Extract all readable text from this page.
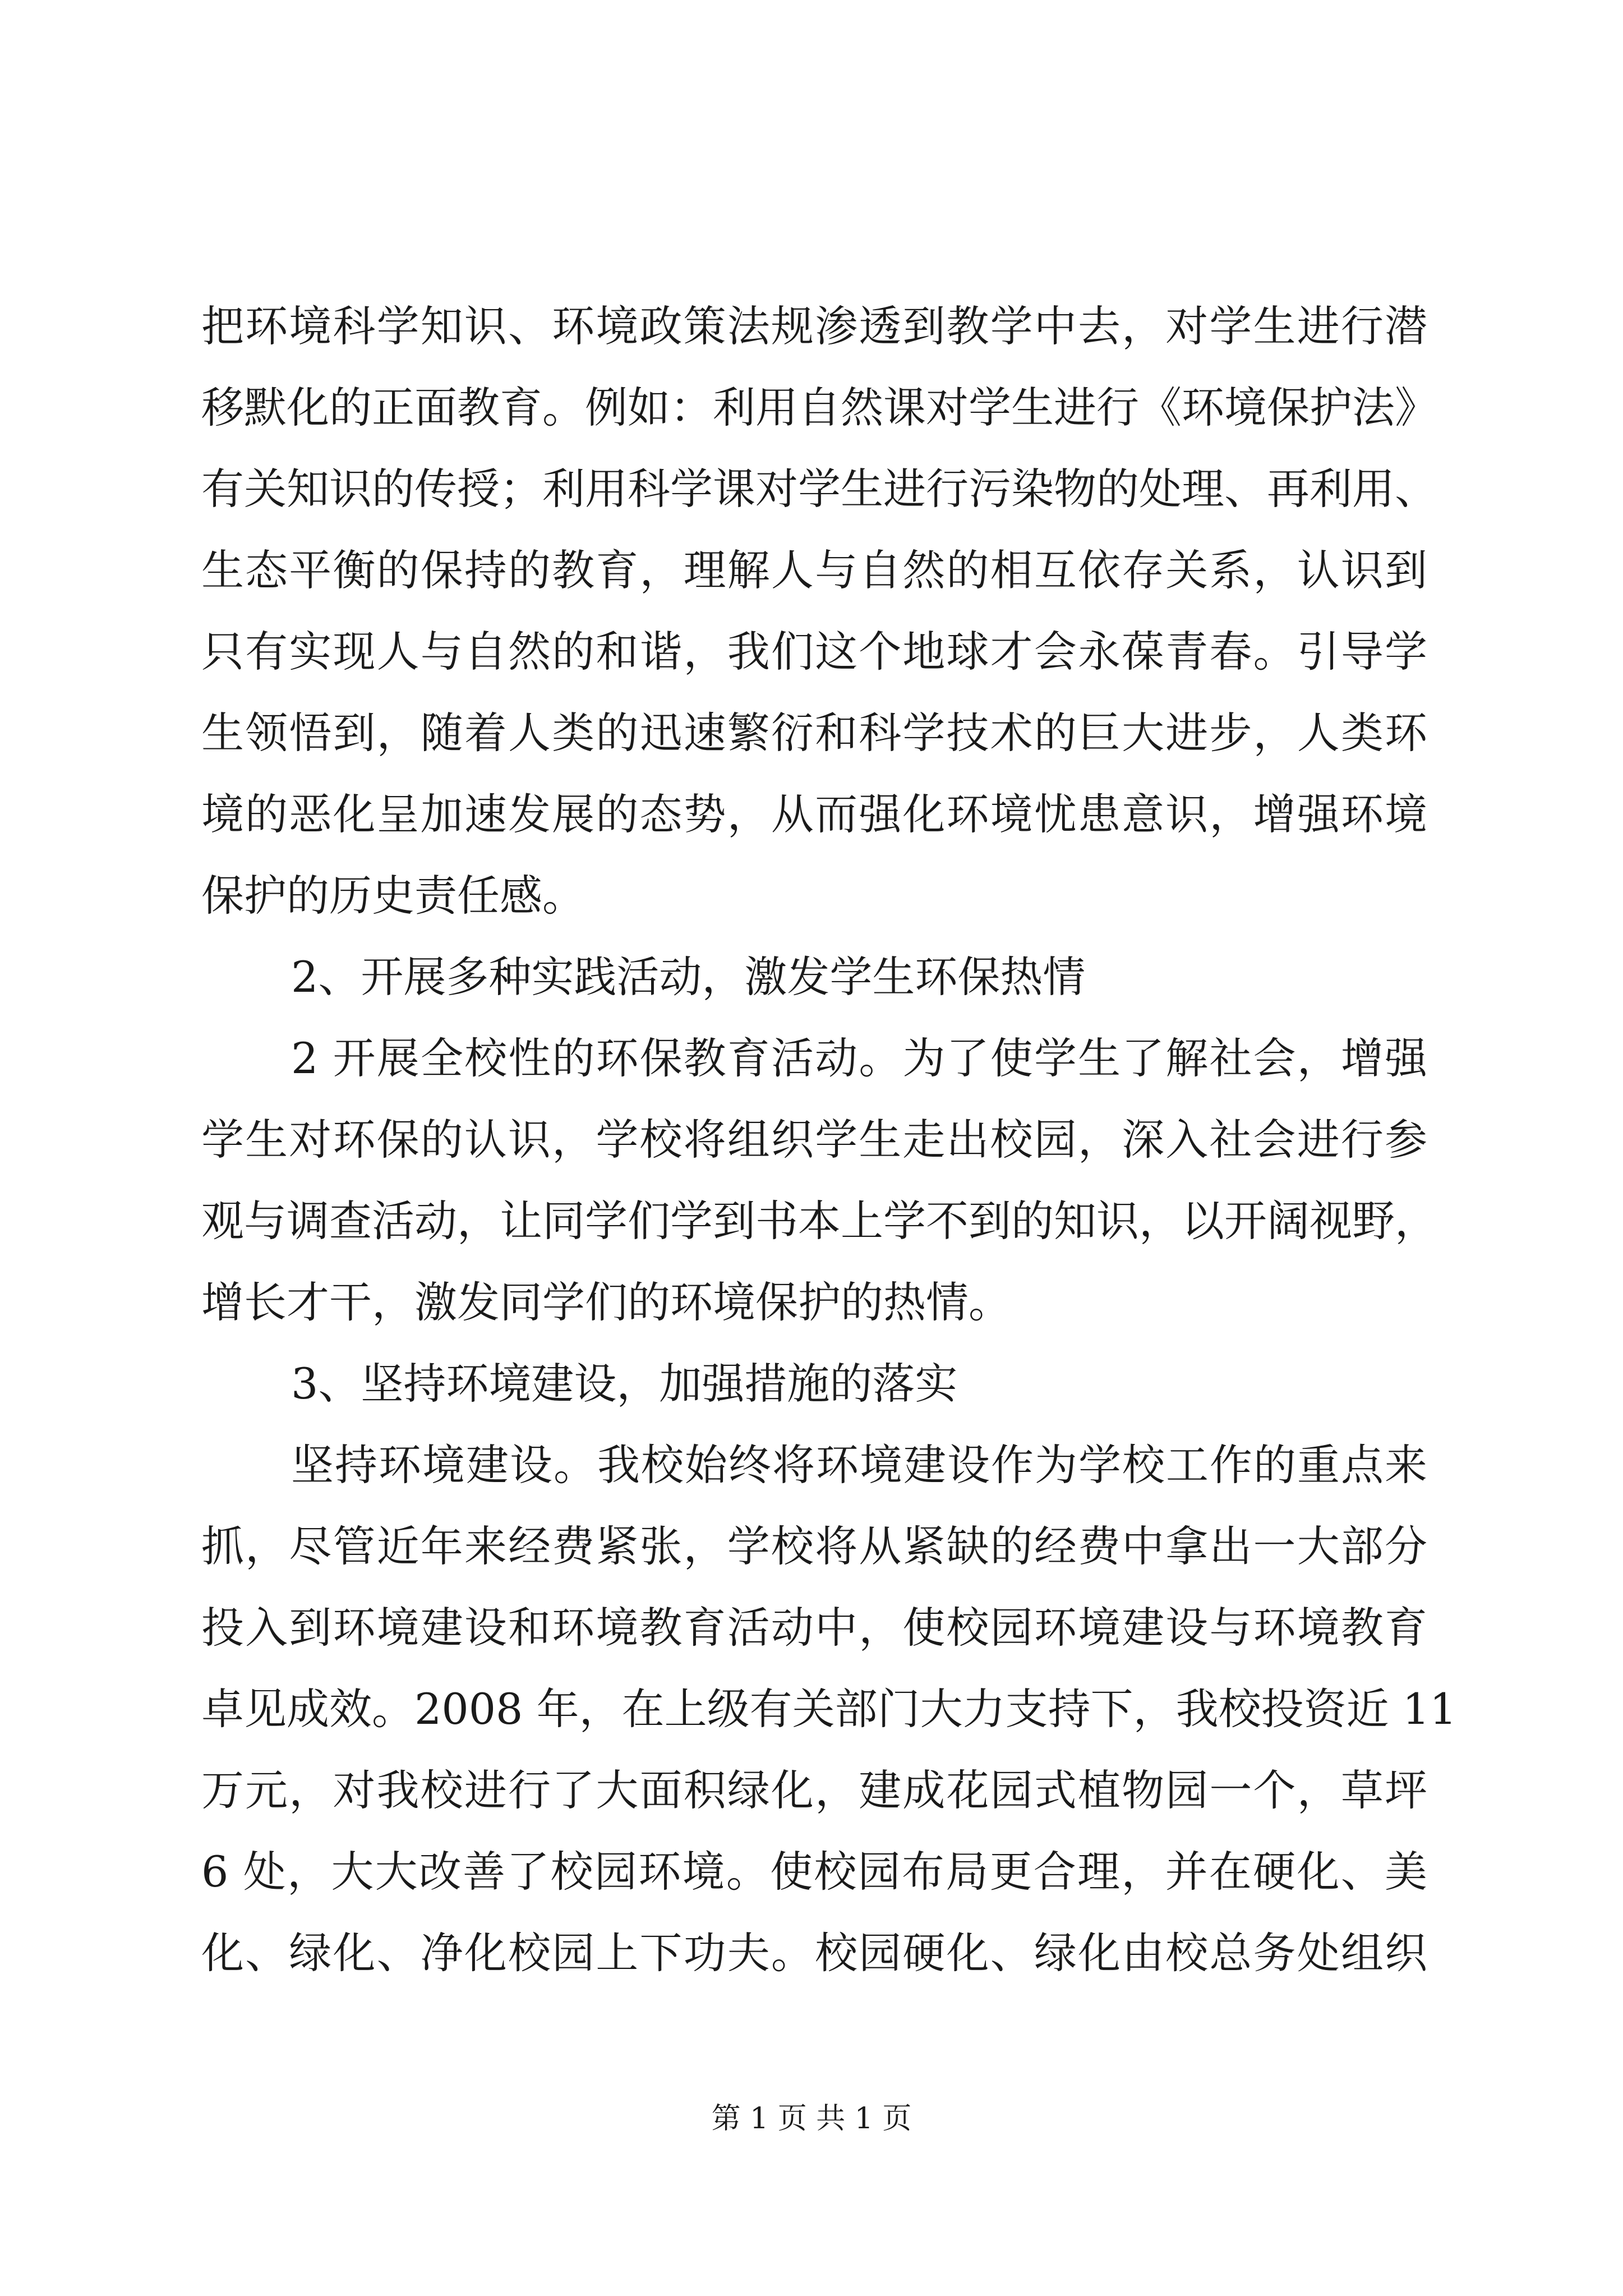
把环境科学知识、环境政策法规渗透到教学中去，对学生进行潜
移默化的正面教育。例如：利用自然课对学生进行《环境保护法》
有关知识的传授；利用科学课对学生进行污染物的处理、再利用、
生态平衡的保持的教育，理解人与自然的相互依存关系，认识到
只有实现人与自然的和谐，我们这个地球才会永葆青春。引导学
生领悟到，随着人类的迅速繁衍和科学技术的巨大进步，人类环
境的恶化呈加速发展的态势，从而强化环境忧患意识，增强环境
保护的历史责任感。
2、开展多种实践活动，激发学生环保热情
2 开展全校性的环保教育活动。为了使学生了解社会，增强
学生对环保的认识，学校将组织学生走出校园，深入社会进行参
观与调查活动，让同学们学到书本上学不到的知识，以开阔视野，
增长才干，激发同学们的环境保护的热情。
3、坚持环境建设，加强措施的落实
坚持环境建设。我校始终将环境建设作为学校工作的重点来
抓，尽管近年来经费紧张，学校将从紧缺的经费中拿出一大部分
投入到环境建设和环境教育活动中，使校园环境建设与环境教育
卓见成效。2008 年，在上级有关部门大力支持下，我校投资近 11
万元，对我校进行了大面积绿化，建成花园式植物园一个，草坪
6 处，大大改善了校园环境。使校园布局更合理，并在硬化、美
化、绿化、净化校园上下功夫。校园硬化、绿化由校总务处组织
第 1 页 共 1 页
